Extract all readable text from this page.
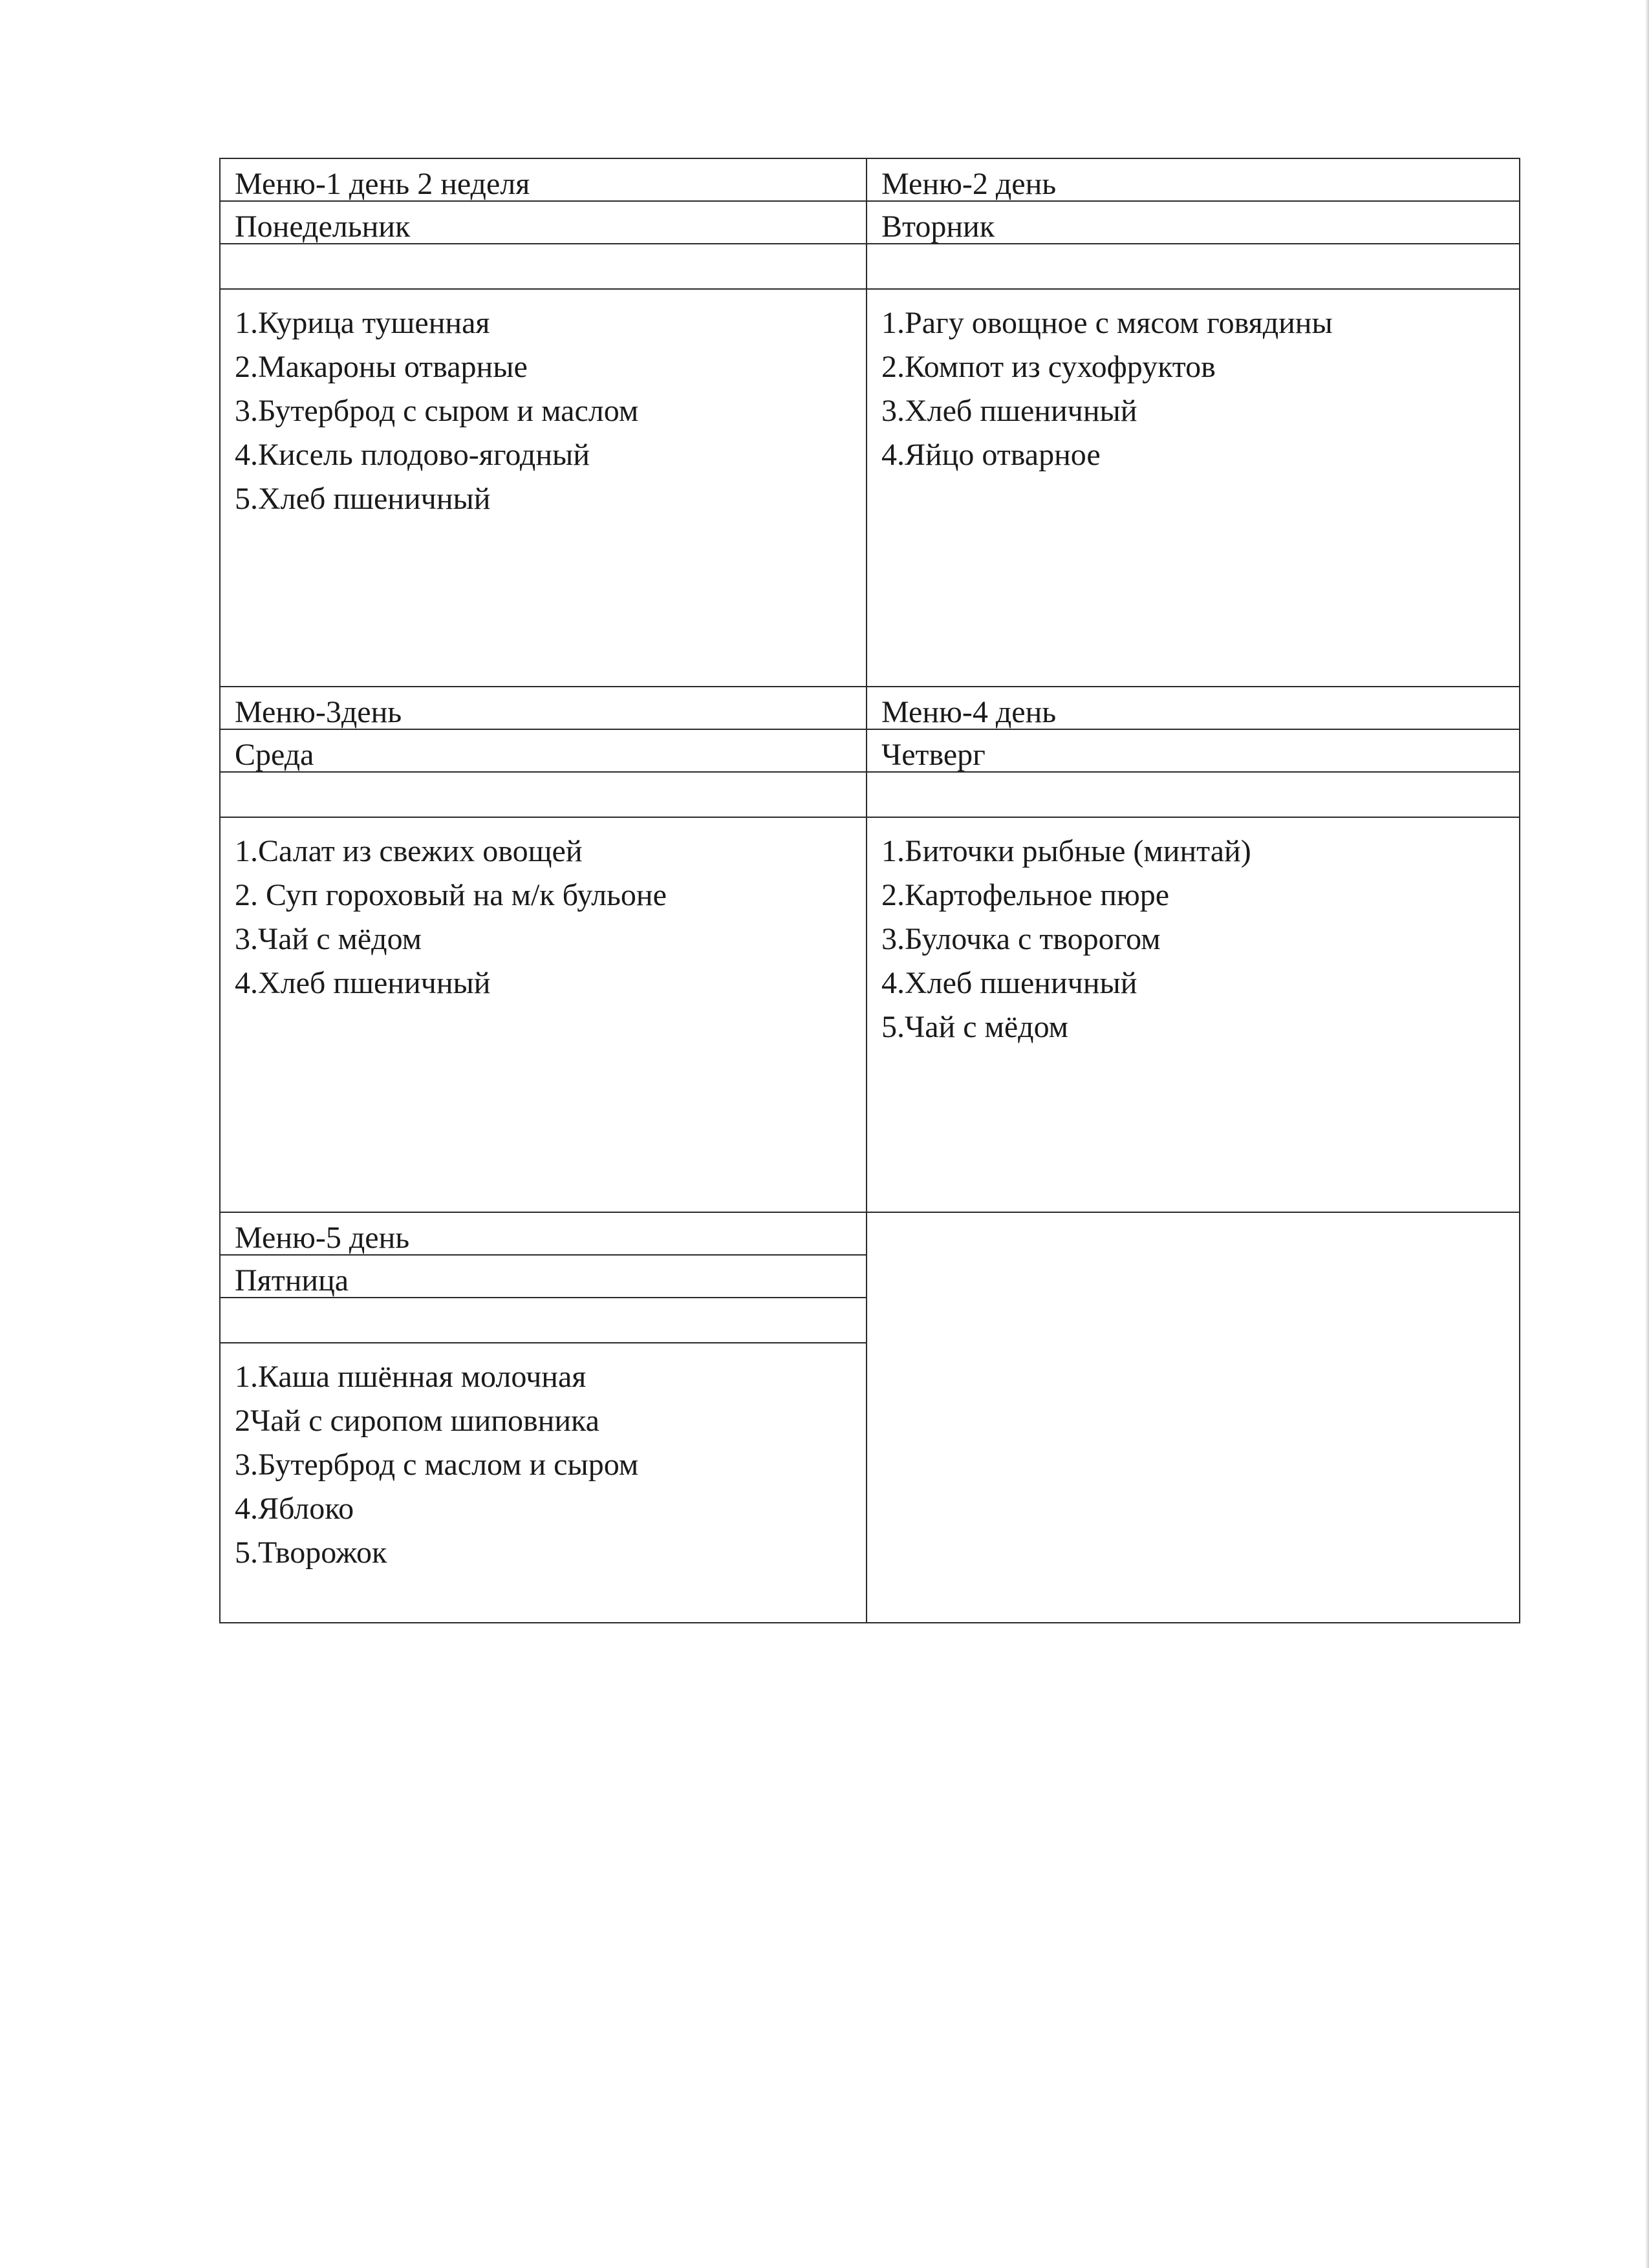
Меню-1 день 2 неделя
Понедельник
1.Курица тушенная
2.Макароны отварные
3.Бутерброд с сыром и маслом
4.Кисель плодово-ягодный
5.Хлеб пшеничный
Меню-2 день
Вторник
1.Рагу овощное с мясом говядины
2.Компот из сухофруктов
3.Хлеб пшеничный
4.Яйцо отварное
Меню-3день
Среда
1.Салат из свежих овощей
2. Суп гороховый на м/к бульоне
3.Чай с мёдом
4.Хлеб пшеничный
Меню-4 день
Четверг
1.Биточки рыбные (минтай)
2.Картофельное пюре
3.Булочка с творогом
4.Хлеб пшеничный
5.Чай с мёдом
Меню-5 день
Пятница
1.Каша пшённая молочная
2Чай с сиропом шиповника
3.Бутерброд с маслом и сыром
4.Яблоко
5.Творожок
